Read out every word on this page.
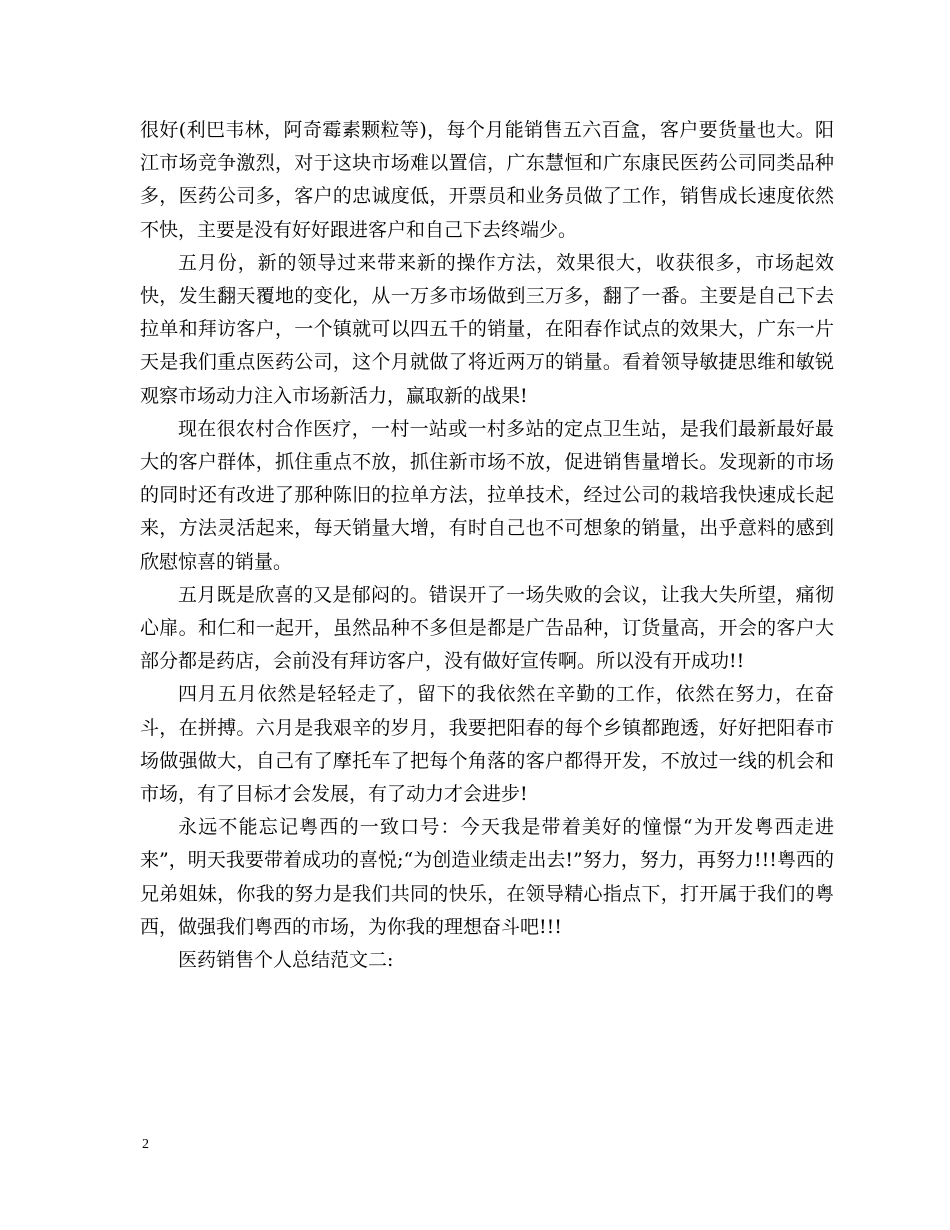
很好(利巴韦林，阿奇霉素颗粒等)，每个月能销售五六百盒，客户要货量也大。阳江市场竞争激烈，对于这块市场难以置信，广东慧恒和广东康民医药公司同类品种多，医药公司多，客户的忠诚度低，开票员和业务员做了工作，销售成长速度依然不快，主要是没有好好跟进客户和自己下去终端少。

五月份，新的领导过来带来新的操作方法，效果很大，收获很多，市场起效快，发生翻天覆地的变化，从一万多市场做到三万多，翻了一番。主要是自己下去拉单和拜访客户，一个镇就可以四五千的销量，在阳春作试点的效果大，广东一片天是我们重点医药公司，这个月就做了将近两万的销量。看着领导敏捷思维和敏锐观察市场动力注入市场新活力，赢取新的战果!

现在很农村合作医疗，一村一站或一村多站的定点卫生站，是我们最新最好最大的客户群体，抓住重点不放，抓住新市场不放，促进销售量增长。发现新的市场的同时还有改进了那种陈旧的拉单方法，拉单技术，经过公司的栽培我快速成长起来，方法灵活起来，每天销量大增，有时自己也不可想象的销量，出乎意料的感到欣慰惊喜的销量。

五月既是欣喜的又是郁闷的。错误开了一场失败的会议，让我大失所望，痛彻心扉。和仁和一起开，虽然品种不多但是都是广告品种，订货量高，开会的客户大部分都是药店，会前没有拜访客户，没有做好宣传啊。所以没有开成功!!

四月五月依然是轻轻走了，留下的我依然在辛勤的工作，依然在努力，在奋斗，在拼搏。六月是我艰辛的岁月，我要把阳春的每个乡镇都跑透，好好把阳春市场做强做大，自己有了摩托车了把每个角落的客户都得开发，不放过一线的机会和市场，有了目标才会发展，有了动力才会进步!

永远不能忘记粤西的一致口号：今天我是带着美好的憧憬“为开发粤西走进来”，明天我要带着成功的喜悦;“为创造业绩走出去!”努力，努力，再努力!!!粤西的兄弟姐妹，你我的努力是我们共同的快乐，在领导精心指点下，打开属于我们的粤西，做强我们粤西的市场，为你我的理想奋斗吧!!!

医药销售个人总结范文二:

2
